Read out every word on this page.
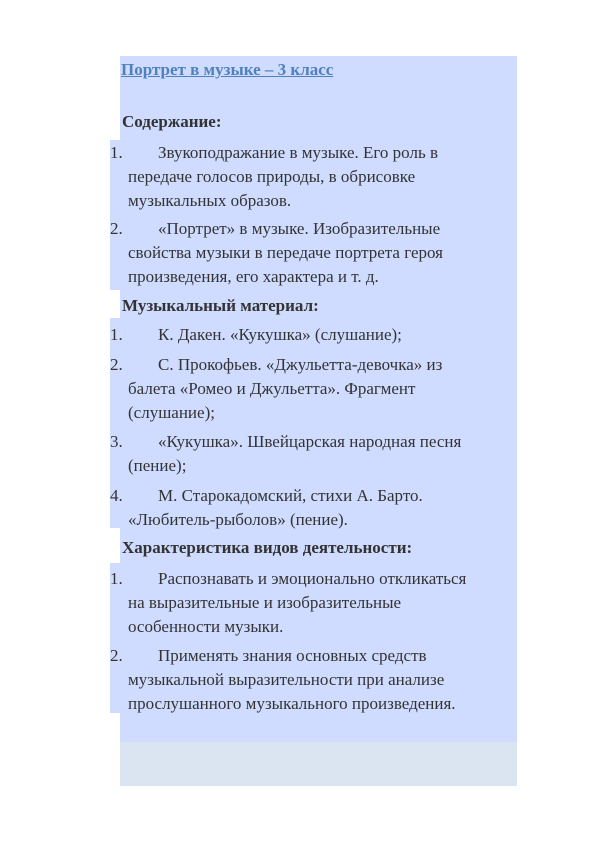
Портрет в музыке – 3 класс
Содержание:
1.	Звукоподражание в музыке. Его роль в
передаче голосов природы, в обрисовке
музыкальных образов.
2.	«Портрет» в музыке. Изобразительные
свойства музыки в передаче портрета героя
произведения, его характера и т. д.
Музыкальный материал:
1.	К. Дакен. «Кукушка» (слушание);
2.	С. Прокофьев. «Джульетта-девочка» из
балета «Ромео и Джульетта». Фрагмент
(слушание);
3.	«Кукушка». Швейцарская народная песня
(пение);
4.	М. Старокадомский, стихи А. Барто.
«Любитель-рыболов» (пение).
Характеристика видов деятельности:
1.	Распознавать и эмоционально откликаться
на выразительные и изобразительные
особенности музыки.
2.	Применять знания основных средств
музыкальной выразительности при анализе
прослушанного музыкального произведения.
